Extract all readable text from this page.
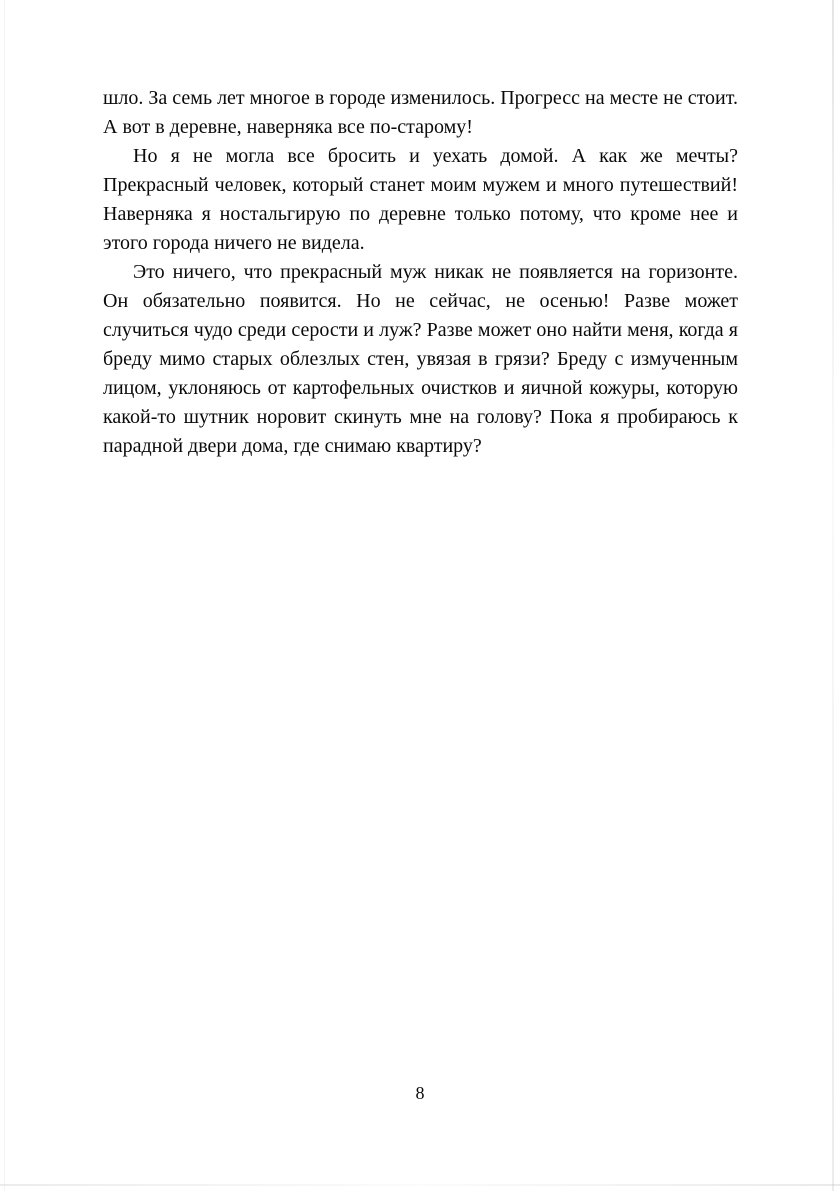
шло. За семь лет многое в городе изменилось. Прогресс на месте не стоит. А вот в деревне, наверняка все по-старому!

Но я не могла все бросить и уехать домой. А как же мечты? Прекрасный человек, который станет моим мужем и много путешествий! Наверняка я ностальгирую по деревне только потому, что кроме нее и этого города ничего не видела.

Это ничего, что прекрасный муж никак не появляется на горизонте. Он обязательно появится. Но не сейчас, не осенью! Разве может случиться чудо среди серости и луж? Разве может оно найти меня, когда я бреду мимо старых облезлых стен, увязая в грязи? Бреду с измученным лицом, уклоняюсь от картофельных очистков и яичной кожуры, которую какой-то шутник норовит скинуть мне на голову? Пока я пробираюсь к парадной двери дома, где снимаю квартиру?

8
